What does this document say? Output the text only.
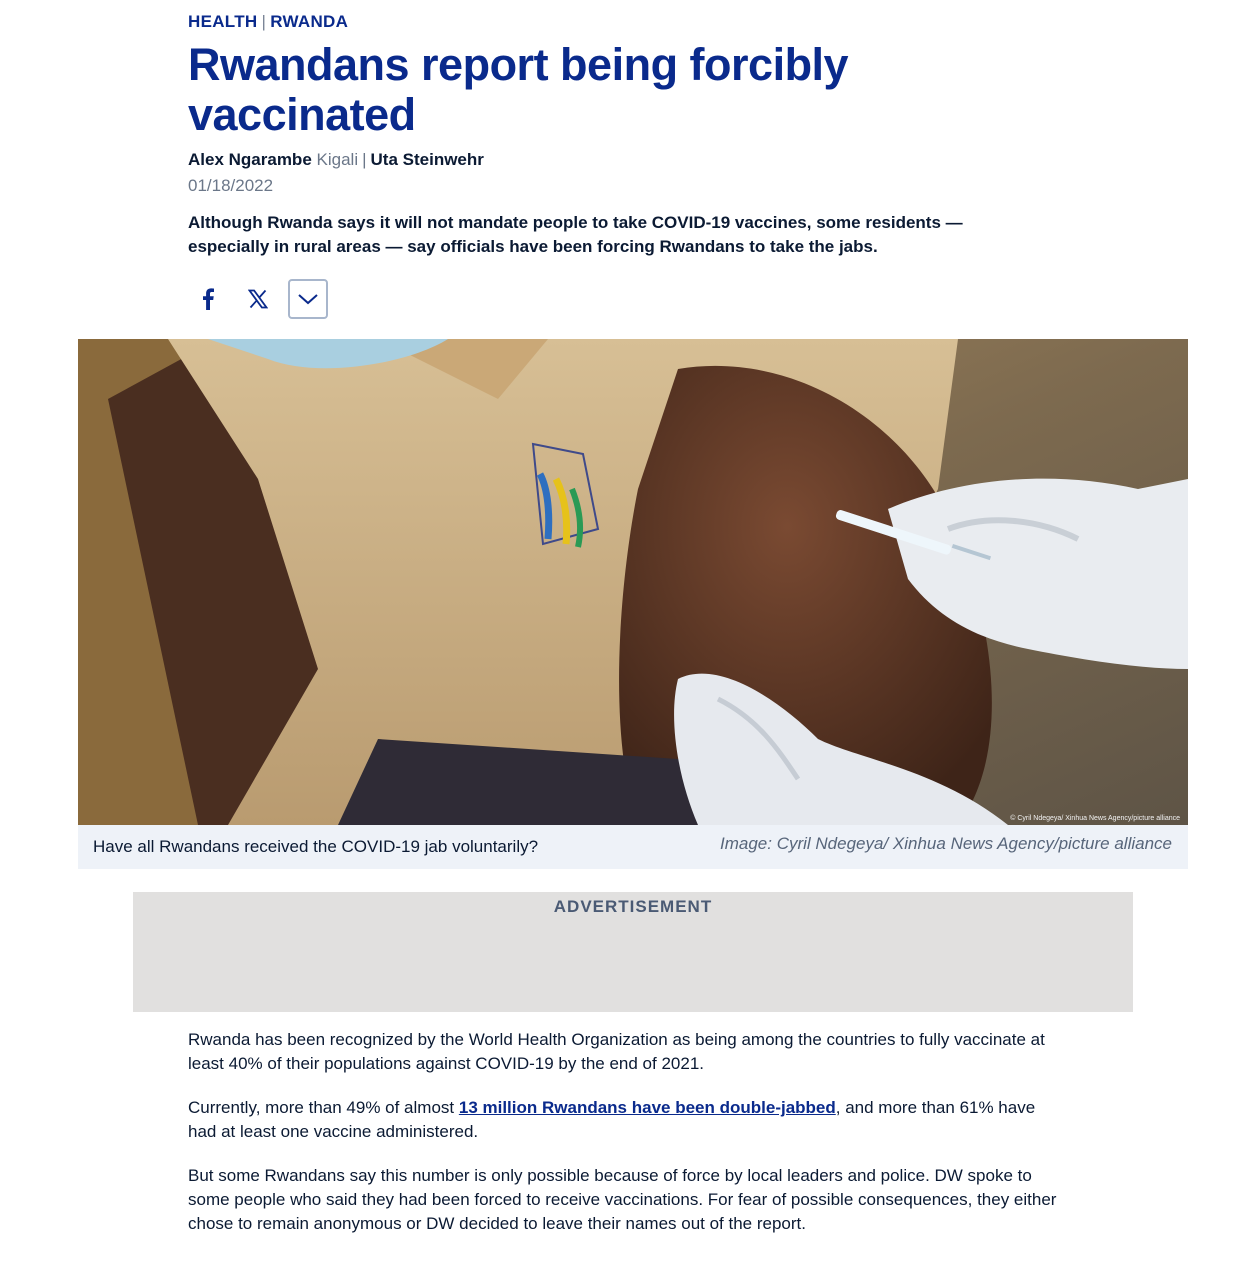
HEALTH | RWANDA
Rwandans report being forcibly vaccinated
Alex Ngarambe Kigali | Uta Steinwehr
01/18/2022
Although Rwanda says it will not mandate people to take COVID-19 vaccines, some residents — especially in rural areas — say officials have been forcing Rwandans to take the jabs.
© Cyril Ndegeya/ Xinhua News Agency/picture alliance
Have all Rwandans received the COVID-19 jab voluntarily?	Image: Cyril Ndegeya/ Xinhua News Agency/picture alliance
ADVERTISEMENT

Rwanda has been recognized by the World Health Organization as being among the countries to fully vaccinate at least 40% of their populations against COVID-19 by the end of 2021.

Currently, more than 49% of almost 13 million Rwandans have been double-jabbed, and more than 61% have had at least one vaccine administered.

But some Rwandans say this number is only possible because of force by local leaders and police. DW spoke to some people who said they had been forced to receive vaccinations. For fear of possible consequences, they either chose to remain anonymous or DW decided to leave their names out of the report.
